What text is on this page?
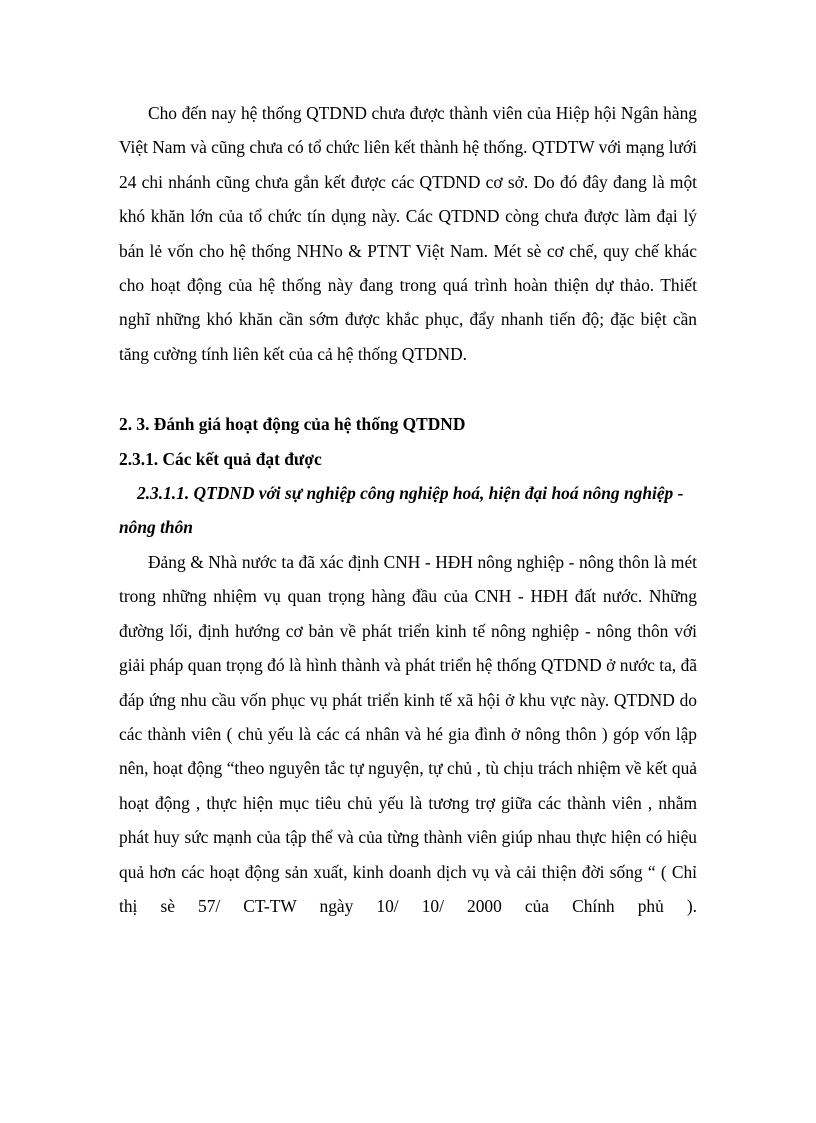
Cho đến nay hệ thống QTDND chưa được thành viên của Hiệp hội Ngân hàng Việt Nam và cũng chưa có tổ chức liên kết thành hệ thống. QTDTW với mạng lưới 24 chi nhánh cũng chưa gắn kết được các QTDND cơ sở. Do đó đây đang là một khó khăn lớn của tổ chức tín dụng này. Các QTDND còng chưa được làm đại lý bán lẻ vốn cho hệ thống NHNo & PTNT Việt Nam. Mét sè cơ chế, quy chế khác cho hoạt động của hệ thống này đang trong quá trình hoàn thiện dự thảo. Thiết nghĩ những khó khăn cần sớm được khắc phục, đẩy nhanh tiến độ; đặc biệt cần tăng cường tính liên kết của cả hệ thống QTDND.

2. 3. Đánh giá hoạt động của hệ thống QTDND

2.3.1. Các kết quả đạt được

2.3.1.1. QTDND với sự nghiệp công nghiệp hoá, hiện đại hoá nông nghiệp - nông thôn

Đảng & Nhà nước ta đã xác định CNH - HĐH nông nghiệp - nông thôn là mét trong những nhiệm vụ quan trọng hàng đầu của CNH - HĐH đất nước. Những đường lối, định hướng cơ bản về phát triển kinh tế nông nghiệp - nông thôn với giải pháp quan trọng đó là hình thành và phát triển hệ thống QTDND ở nước ta, đã đáp ứng nhu cầu vốn phục vụ phát triển kinh tế xã hội ở khu vực này. QTDND do các thành viên ( chủ yếu là các cá nhân và hé gia đình ở nông thôn ) góp vốn lập nên, hoạt động “theo nguyên tắc tự nguyện, tự chủ , tù chịu trách nhiệm về kết quả hoạt động , thực hiện mục tiêu chủ yếu là tương trợ giữa các thành viên , nhằm phát huy sức mạnh của tập thể và của từng thành viên giúp nhau thực hiện có hiệu quả hơn các hoạt động sản xuất, kinh doanh dịch vụ và cải thiện đời sống “ ( Chỉ thị sè 57/ CT-TW ngày 10/ 10/ 2000 của Chính phủ ).
